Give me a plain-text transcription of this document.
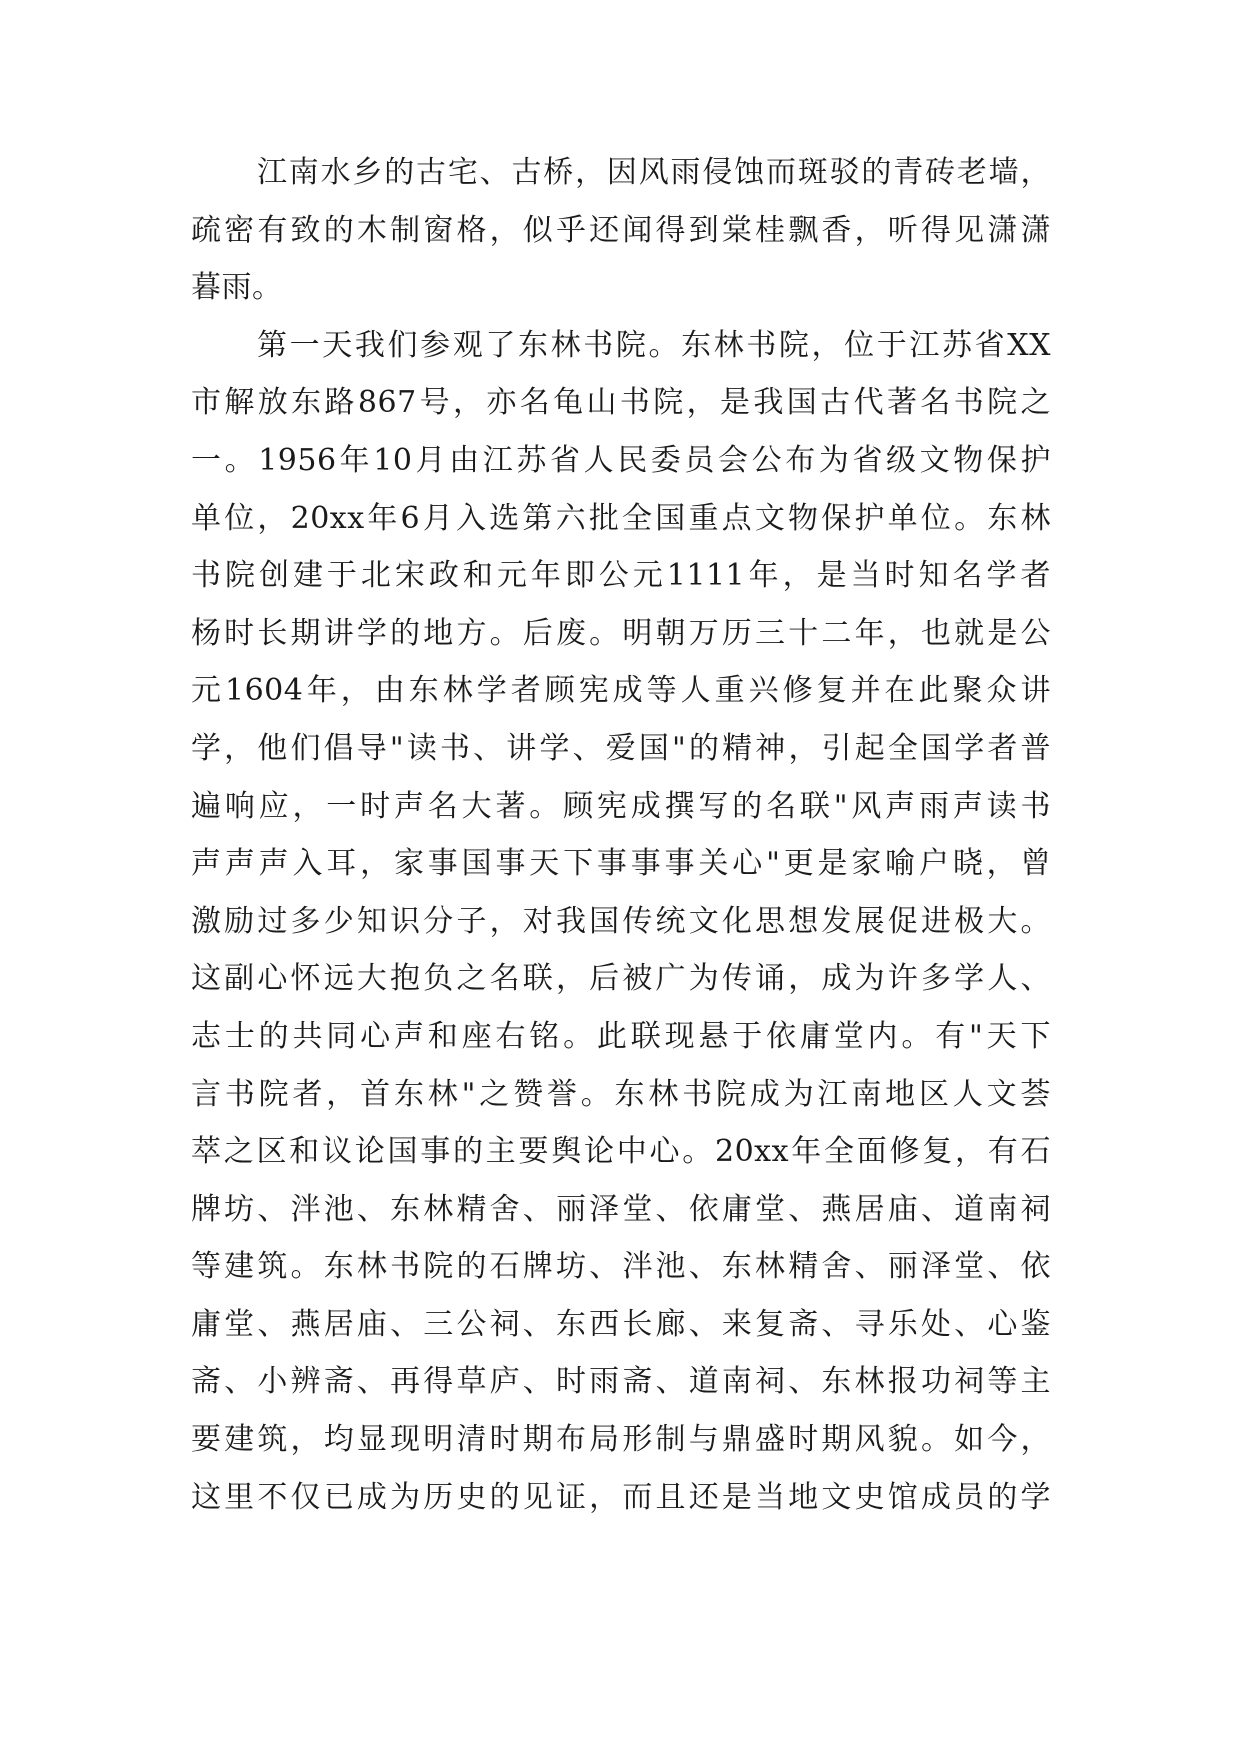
江南水乡的古宅、古桥，因风雨侵蚀而斑驳的青砖老墙，
疏密有致的木制窗格，似乎还闻得到棠桂飘香，听得见潇潇
暮雨。
第一天我们参观了东林书院。东林书院，位于江苏省XX
市解放东路867号，亦名龟山书院，是我国古代著名书院之
一。1956年10月由江苏省人民委员会公布为省级文物保护
单位，20xx年6月入选第六批全国重点文物保护单位。东林
书院创建于北宋政和元年即公元1111年，是当时知名学者
杨时长期讲学的地方。后废。明朝万历三十二年，也就是公
元1604年，由东林学者顾宪成等人重兴修复并在此聚众讲
学，他们倡导"读书、讲学、爱国"的精神，引起全国学者普
遍响应，一时声名大著。顾宪成撰写的名联"风声雨声读书
声声声入耳，家事国事天下事事事关心"更是家喻户晓，曾
激励过多少知识分子，对我国传统文化思想发展促进极大。
这副心怀远大抱负之名联，后被广为传诵，成为许多学人、
志士的共同心声和座右铭。此联现悬于依庸堂内。有"天下
言书院者，首东林"之赞誉。东林书院成为江南地区人文荟
萃之区和议论国事的主要舆论中心。20xx年全面修复，有石
牌坊、泮池、东林精舍、丽泽堂、依庸堂、燕居庙、道南祠
等建筑。东林书院的石牌坊、泮池、东林精舍、丽泽堂、依
庸堂、燕居庙、三公祠、东西长廊、来复斋、寻乐处、心鉴
斋、小辨斋、再得草庐、时雨斋、道南祠、东林报功祠等主
要建筑，均显现明清时期布局形制与鼎盛时期风貌。如今，
这里不仅已成为历史的见证，而且还是当地文史馆成员的学
